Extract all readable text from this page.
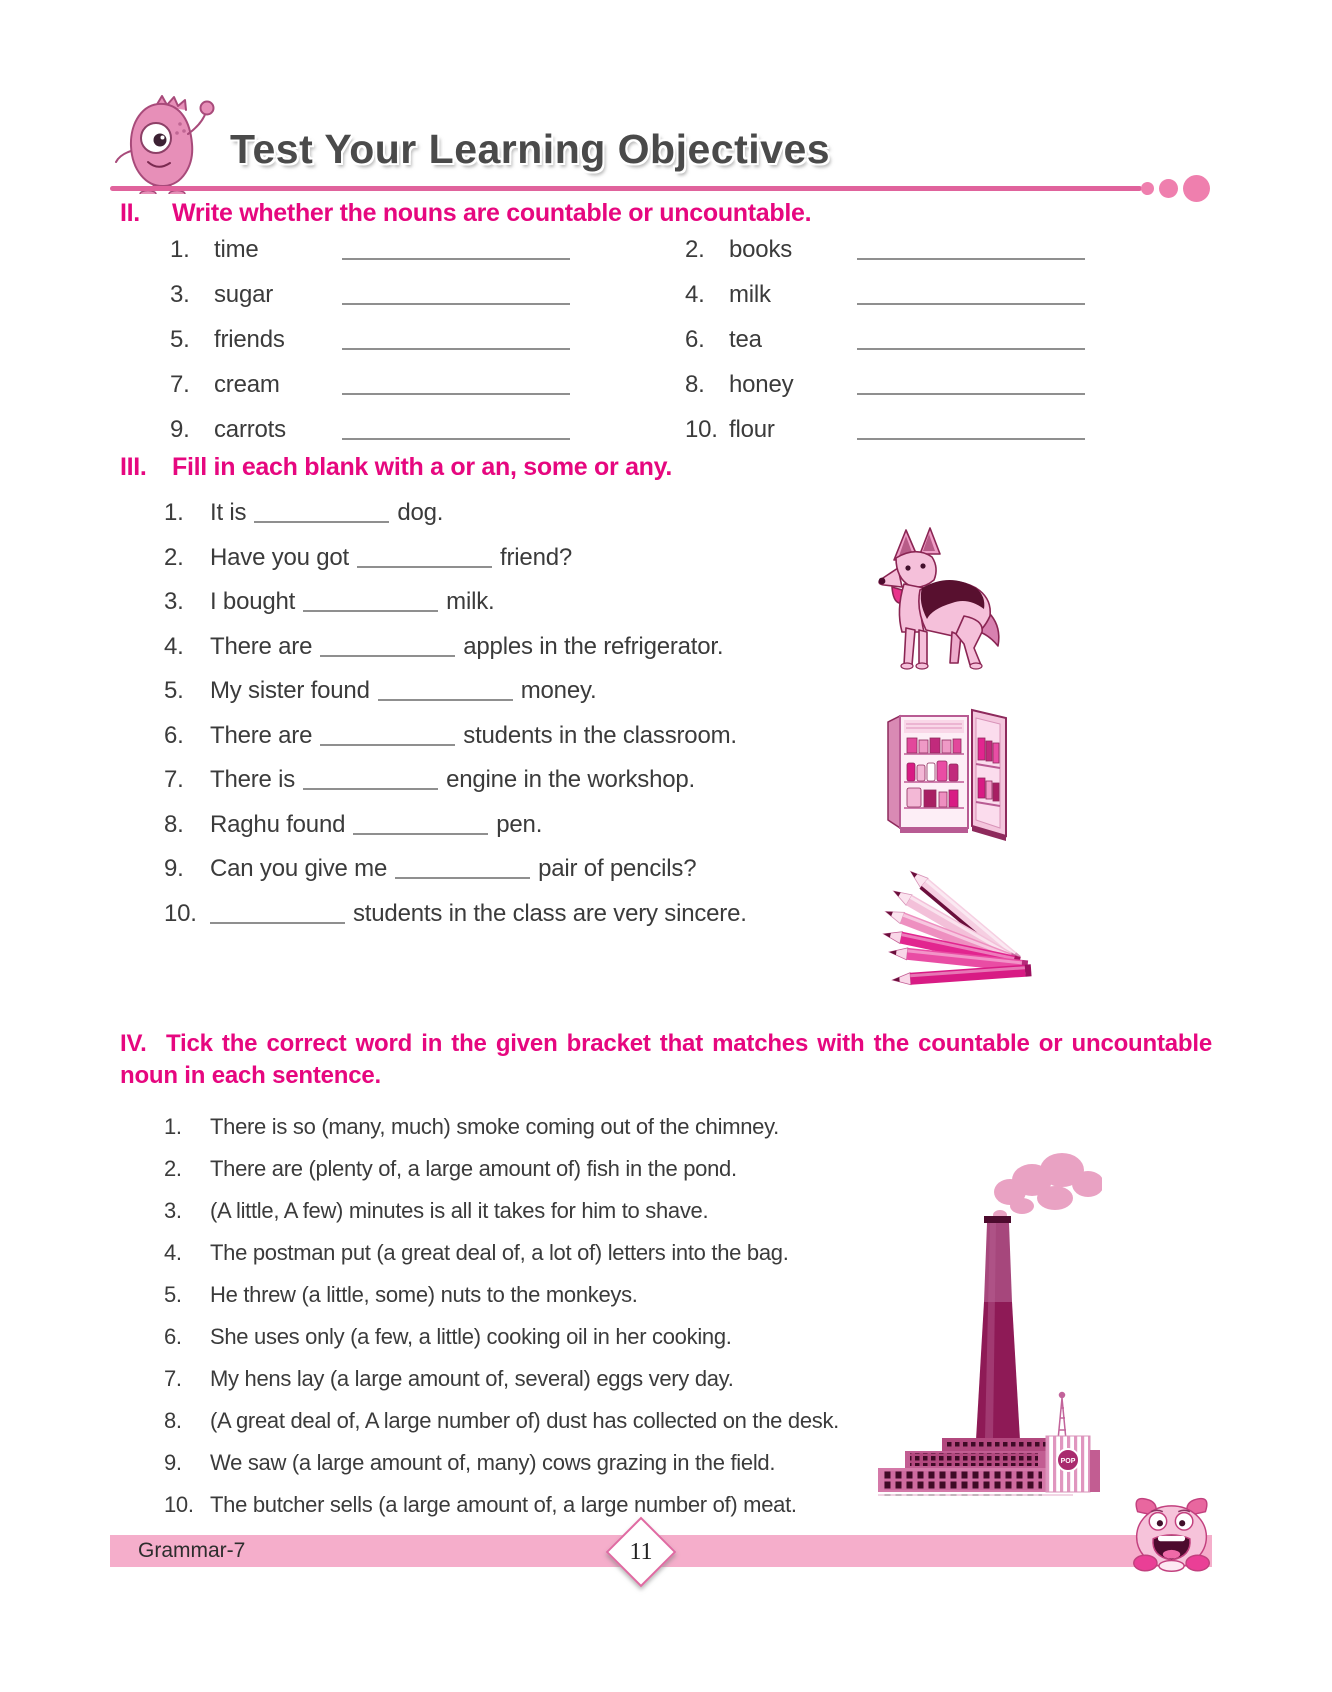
Test Your Learning Objectives
II.	Write whether the nouns are countable or uncountable.
1.	time	2.	books
3.	sugar	4.	milk
5.	friends	6.	tea
7.	cream	8.	honey
9.	carrots	10. flour
III.	Fill in each blank with a or an, some or any.
1.	It is	dog.
2.	Have you got	friend?
3.	I bought	milk.
4.	There are	apples in the refrigerator.
5.	My sister found	money.
6.	There are	students in the classroom.
7.	There is	engine in the workshop.
8.	Raghu found	pen.
9.	Can you give me	pair of pencils?
10.	students in the class are very sincere.
IV. Tick the correct word in the given bracket that matches with the countable or uncountable noun in each sentence.
1.	There is so (many, much) smoke coming out of the chimney.
2.	There are (plenty of, a large amount of) fish in the pond.
3.	(A little, A few) minutes is all it takes for him to shave.
4.	The postman put (a great deal of, a lot of) letters into the bag.
5.	He threw (a little, some) nuts to the monkeys.
6.	She uses only (a few, a little) cooking oil in her cooking.
7.	My hens lay (a large amount of, several) eggs very day.
8.	(A great deal of, A large number of) dust has collected on the desk.
9.	We saw (a large amount of, many) cows grazing in the field.
10. The butcher sells (a large amount of, a large number of) meat.
POP
Grammar-7	11
